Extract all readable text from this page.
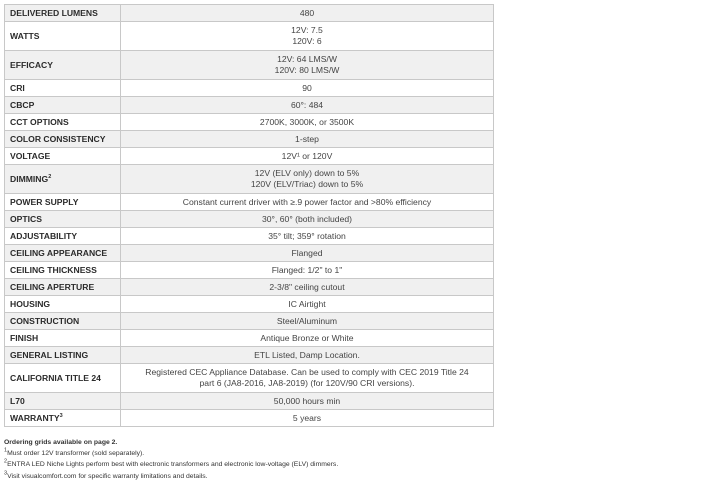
DELIVERED LUMENS	480

WATTS	12V: 7.5
120V: 6

EFFICACY	12V: 64 LMS/W
120V: 80 LMS/W

CRI	90

CBCP	60°: 484

CCT OPTIONS	2700K, 3000K, or 3500K

COLOR CONSISTENCY	1-step

VOLTAGE	12V¹ or 120V

DIMMING$^2$	12V (ELV only) down to 5%
120V (ELV/Triac) down to 5%

POWER SUPPLY	Constant current driver with ≥.9 power factor and >80% efficiency

OPTICS	30°, 60° (both included)

ADJUSTABILITY	35° tilt; 359° rotation

CEILING APPEARANCE	Flanged

CEILING THICKNESS	Flanged: 1/2" to 1"

CEILING APERTURE	2-3/8" ceiling cutout

HOUSING	IC Airtight

CONSTRUCTION	Steel/Aluminum

FINISH	Antique Bronze or White

GENERAL LISTING	ETL Listed, Damp Location.

CALIFORNIA TITLE 24	Registered CEC Appliance Database. Can be used to comply with CEC 2019 Title 24
part 6 (JA8-2016, JA8-2019) (for 120V/90 CRI versions).

L70	50,000 hours min

WARRANTY$^3$	5 years
Ordering grids available on page 2.
$^1$Must order 12V transformer (sold separately).
$^2$ENTRA LED Niche Lights perform best with electronic transformers and electronic low-voltage (ELV) dimmers.
$^3$Visit visualcomfort.com for specific warranty limitations and details.
